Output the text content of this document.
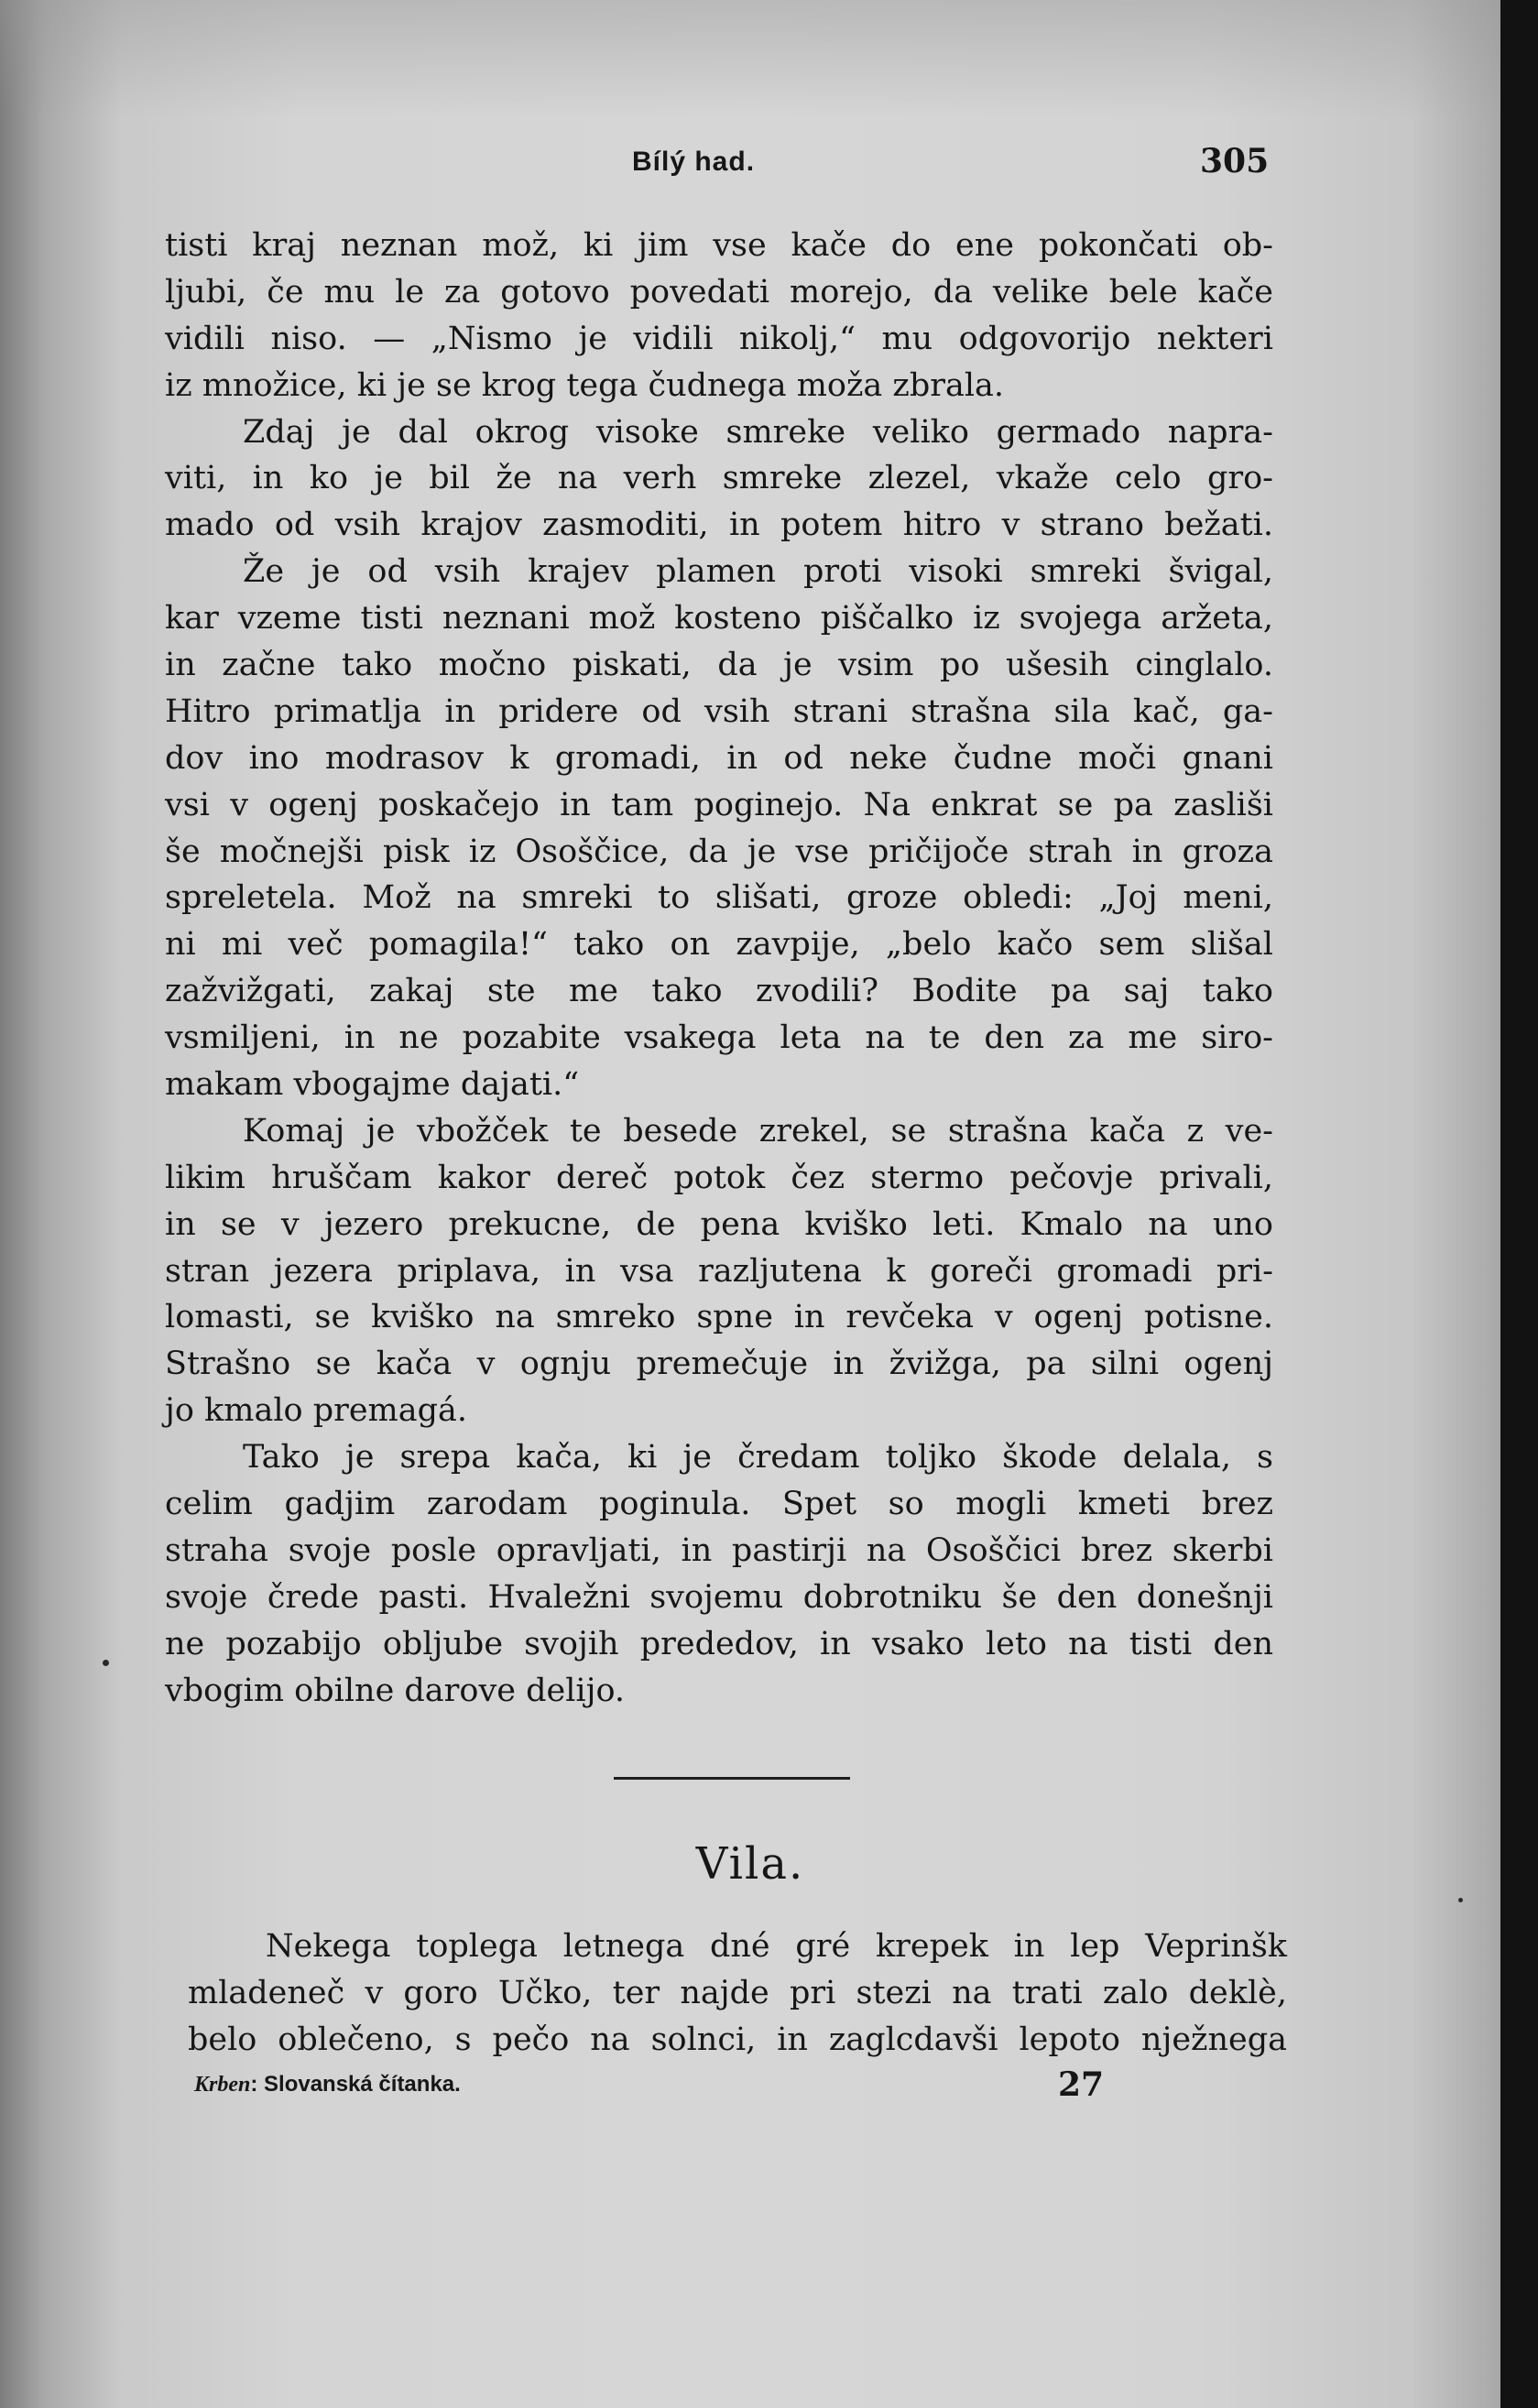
Bílý had.	305
tisti kraj neznan mož, ki jim vse kače do ene pokončati ob-
ljubi, če mu le za gotovo povedati morejo, da velike bele kače
vidili niso. — „Nismo je vidili nikolj,“ mu odgovorijo nekteri
iz množice, ki je se krog tega čudnega moža zbrala.
Zdaj je dal okrog visoke smreke veliko germado napra-
viti, in ko je bil že na verh smreke zlezel, vkaže celo gro-
mado od vsih krajov zasmoditi, in potem hitro v strano bežati.
Že je od vsih krajev plamen proti visoki smreki švigal,
kar vzeme tisti neznani mož kosteno piščalko iz svojega aržeta,
in začne tako močno piskati, da je vsim po ušesih cinglalo.
Hitro primatlja in pridere od vsih strani strašna sila kač, ga-
dov ino modrasov k gromadi, in od neke čudne moči gnani
vsi v ogenj poskačejo in tam poginejo. Na enkrat se pa zasliši
še močnejši pisk iz Osoščice, da je vse pričijoče strah in groza
spreletela. Mož na smreki to slišati, groze obledi: „Joj meni,
ni mi več pomagila!“ tako on zavpije, „belo kačo sem slišal
zažvižgati, zakaj ste me tako zvodili? Bodite pa saj tako
vsmiljeni, in ne pozabite vsakega leta na te den za me siro-
makam vbogajme dajati.“
Komaj je vbožček te besede zrekel, se strašna kača z ve-
likim hruščam kakor dereč potok čez stermo pečovje privali,
in se v jezero prekucne, de pena kviško leti. Kmalo na uno
stran jezera priplava, in vsa razljutena k goreči gromadi pri-
lomasti, se kviško na smreko spne in revčeka v ogenj potisne.
Strašno se kača v ognju premečuje in žvižga, pa silni ogenj
jo kmalo premagá.
Tako je srepa kača, ki je čredam toljko škode delala, s
celim gadjim zarodam poginula. Spet so mogli kmeti brez
straha svoje posle opravljati, in pastirji na Osoščici brez skerbi
svoje črede pasti. Hvaležni svojemu dobrotniku še den donešnji
ne pozabijo obljube svojih prededov, in vsako leto na tisti den
vbogim obilne darove delijo.
Vila.
Nekega toplega letnega dné gré krepek in lep Veprinšk
mladeneč v goro Učko, ter najde pri stezi na trati zalo deklè,
belo oblečeno, s pečo na solnci, in zaglcdavši lepoto nježnega
Krben: Slovanská čítanka.	27
